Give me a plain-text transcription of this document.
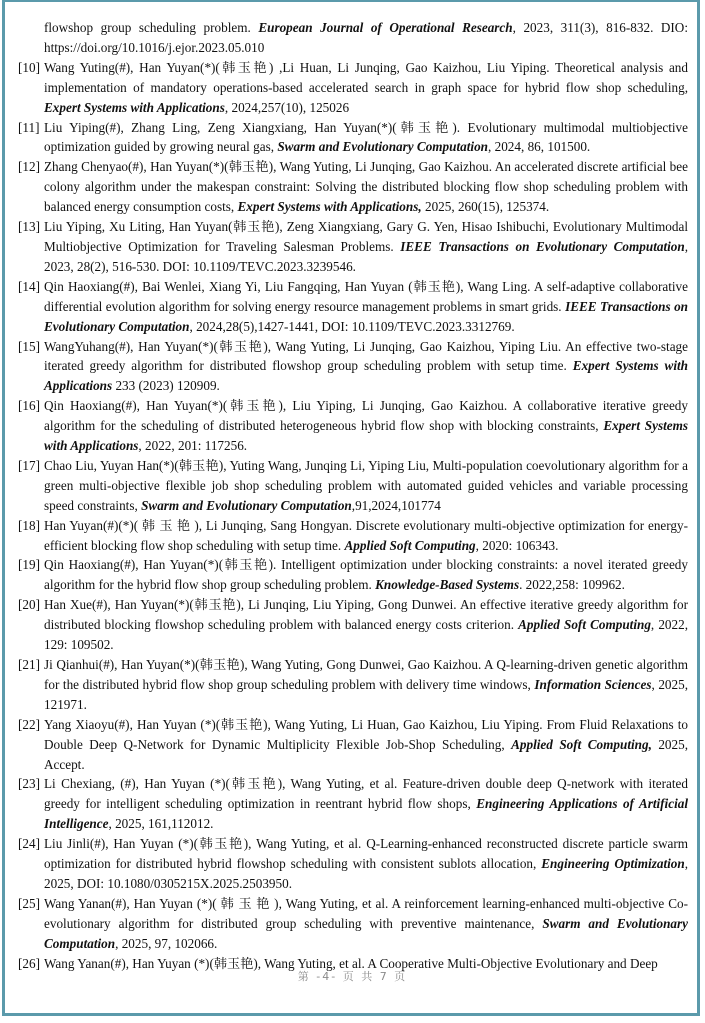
flowshop group scheduling problem. European Journal of Operational Research, 2023, 311(3), 816-832. DIO: https://doi.org/10.1016/j.ejor.2023.05.010
[10] Wang Yuting(#), Han Yuyan(*)(韩玉艳) ,Li Huan, Li Junqing, Gao Kaizhou, Liu Yiping. Theoretical analysis and implementation of mandatory operations-based accelerated search in graph space for hybrid flow shop scheduling, Expert Systems with Applications, 2024,257(10), 125026
[11] Liu Yiping(#), Zhang Ling, Zeng Xiangxiang, Han Yuyan(*)(韩玉艳). Evolutionary multimodal multiobjective optimization guided by growing neural gas, Swarm and Evolutionary Computation, 2024, 86, 101500.
[12] Zhang Chenyao(#), Han Yuyan(*)(韩玉艳), Wang Yuting, Li Junqing, Gao Kaizhou. An accelerated discrete artificial bee colony algorithm under the makespan constraint: Solving the distributed blocking flow shop scheduling problem with balanced energy consumption costs, Expert Systems with Applications, 2025, 260(15), 125374.
[13] Liu Yiping, Xu Liting, Han Yuyan(韩玉艳), Zeng Xiangxiang, Gary G. Yen, Hisao Ishibuchi, Evolutionary Multimodal Multiobjective Optimization for Traveling Salesman Problems. IEEE Transactions on Evolutionary Computation, 2023, 28(2), 516-530. DOI: 10.1109/TEVC.2023.3239546.
[14] Qin Haoxiang(#), Bai Wenlei, Xiang Yi, Liu Fangqing, Han Yuyan (韩玉艳), Wang Ling. A self-adaptive collaborative differential evolution algorithm for solving energy resource management problems in smart grids. IEEE Transactions on Evolutionary Computation, 2024,28(5),1427-1441, DOI: 10.1109/TEVC.2023.3312769.
[15] WangYuhang(#), Han Yuyan(*)(韩玉艳), Wang Yuting, Li Junqing, Gao Kaizhou, Yiping Liu. An effective two-stage iterated greedy algorithm for distributed flowshop group scheduling problem with setup time. Expert Systems with Applications 233 (2023) 120909.
[16] Qin Haoxiang(#), Han Yuyan(*)(韩玉艳), Liu Yiping, Li Junqing, Gao Kaizhou. A collaborative iterative greedy algorithm for the scheduling of distributed heterogeneous hybrid flow shop with blocking constraints, Expert Systems with Applications, 2022, 201: 117256.
[17] Chao Liu, Yuyan Han(*)(韩玉艳), Yuting Wang, Junqing Li, Yiping Liu, Multi-population coevolutionary algorithm for a green multi-objective flexible job shop scheduling problem with automated guided vehicles and variable processing speed constraints, Swarm and Evolutionary Computation,91,2024,101774
[18] Han Yuyan(#)(*)( 韩 玉 艳 ), Li Junqing, Sang Hongyan. Discrete evolutionary multi-objective optimization for energy-efficient blocking flow shop scheduling with setup time. Applied Soft Computing, 2020: 106343.
[19] Qin Haoxiang(#), Han Yuyan(*)(韩玉艳). Intelligent optimization under blocking constraints: a novel iterated greedy algorithm for the hybrid flow shop group scheduling problem. Knowledge-Based Systems. 2022,258: 109962.
[20] Han Xue(#), Han Yuyan(*)(韩玉艳), Li Junqing, Liu Yiping, Gong Dunwei. An effective iterative greedy algorithm for distributed blocking flowshop scheduling problem with balanced energy costs criterion. Applied Soft Computing, 2022, 129: 109502.
[21] Ji Qianhui(#), Han Yuyan(*)(韩玉艳), Wang Yuting, Gong Dunwei, Gao Kaizhou. A Q-learning-driven genetic algorithm for the distributed hybrid flow shop group scheduling problem with delivery time windows, Information Sciences, 2025, 121971.
[22] Yang Xiaoyu(#), Han Yuyan (*)(韩玉艳), Wang Yuting, Li Huan, Gao Kaizhou, Liu Yiping. From Fluid Relaxations to Double Deep Q-Network for Dynamic Multiplicity Flexible Job-Shop Scheduling, Applied Soft Computing, 2025, Accept.
[23] Li Chexiang, (#), Han Yuyan (*)(韩玉艳), Wang Yuting, et al. Feature-driven double deep Q-network with iterated greedy for intelligent scheduling optimization in reentrant hybrid flow shops, Engineering Applications of Artificial Intelligence, 2025, 161,112012.
[24] Liu Jinli(#), Han Yuyan (*)(韩玉艳), Wang Yuting, et al. Q-Learning-enhanced reconstructed discrete particle swarm optimization for distributed hybrid flowshop scheduling with consistent sublots allocation, Engineering Optimization, 2025, DOI: 10.1080/0305215X.2025.2503950.
[25] Wang Yanan(#), Han Yuyan (*)( 韩 玉 艳 ), Wang Yuting, et al. A reinforcement learning-enhanced multi-objective Co-evolutionary algorithm for distributed group scheduling with preventive maintenance, Swarm and Evolutionary Computation, 2025, 97, 102066.
[26] Wang Yanan(#), Han Yuyan (*)(韩玉艳), Wang Yuting, et al. A Cooperative Multi-Objective Evolutionary and Deep
第 -4- 页 共 7 页
